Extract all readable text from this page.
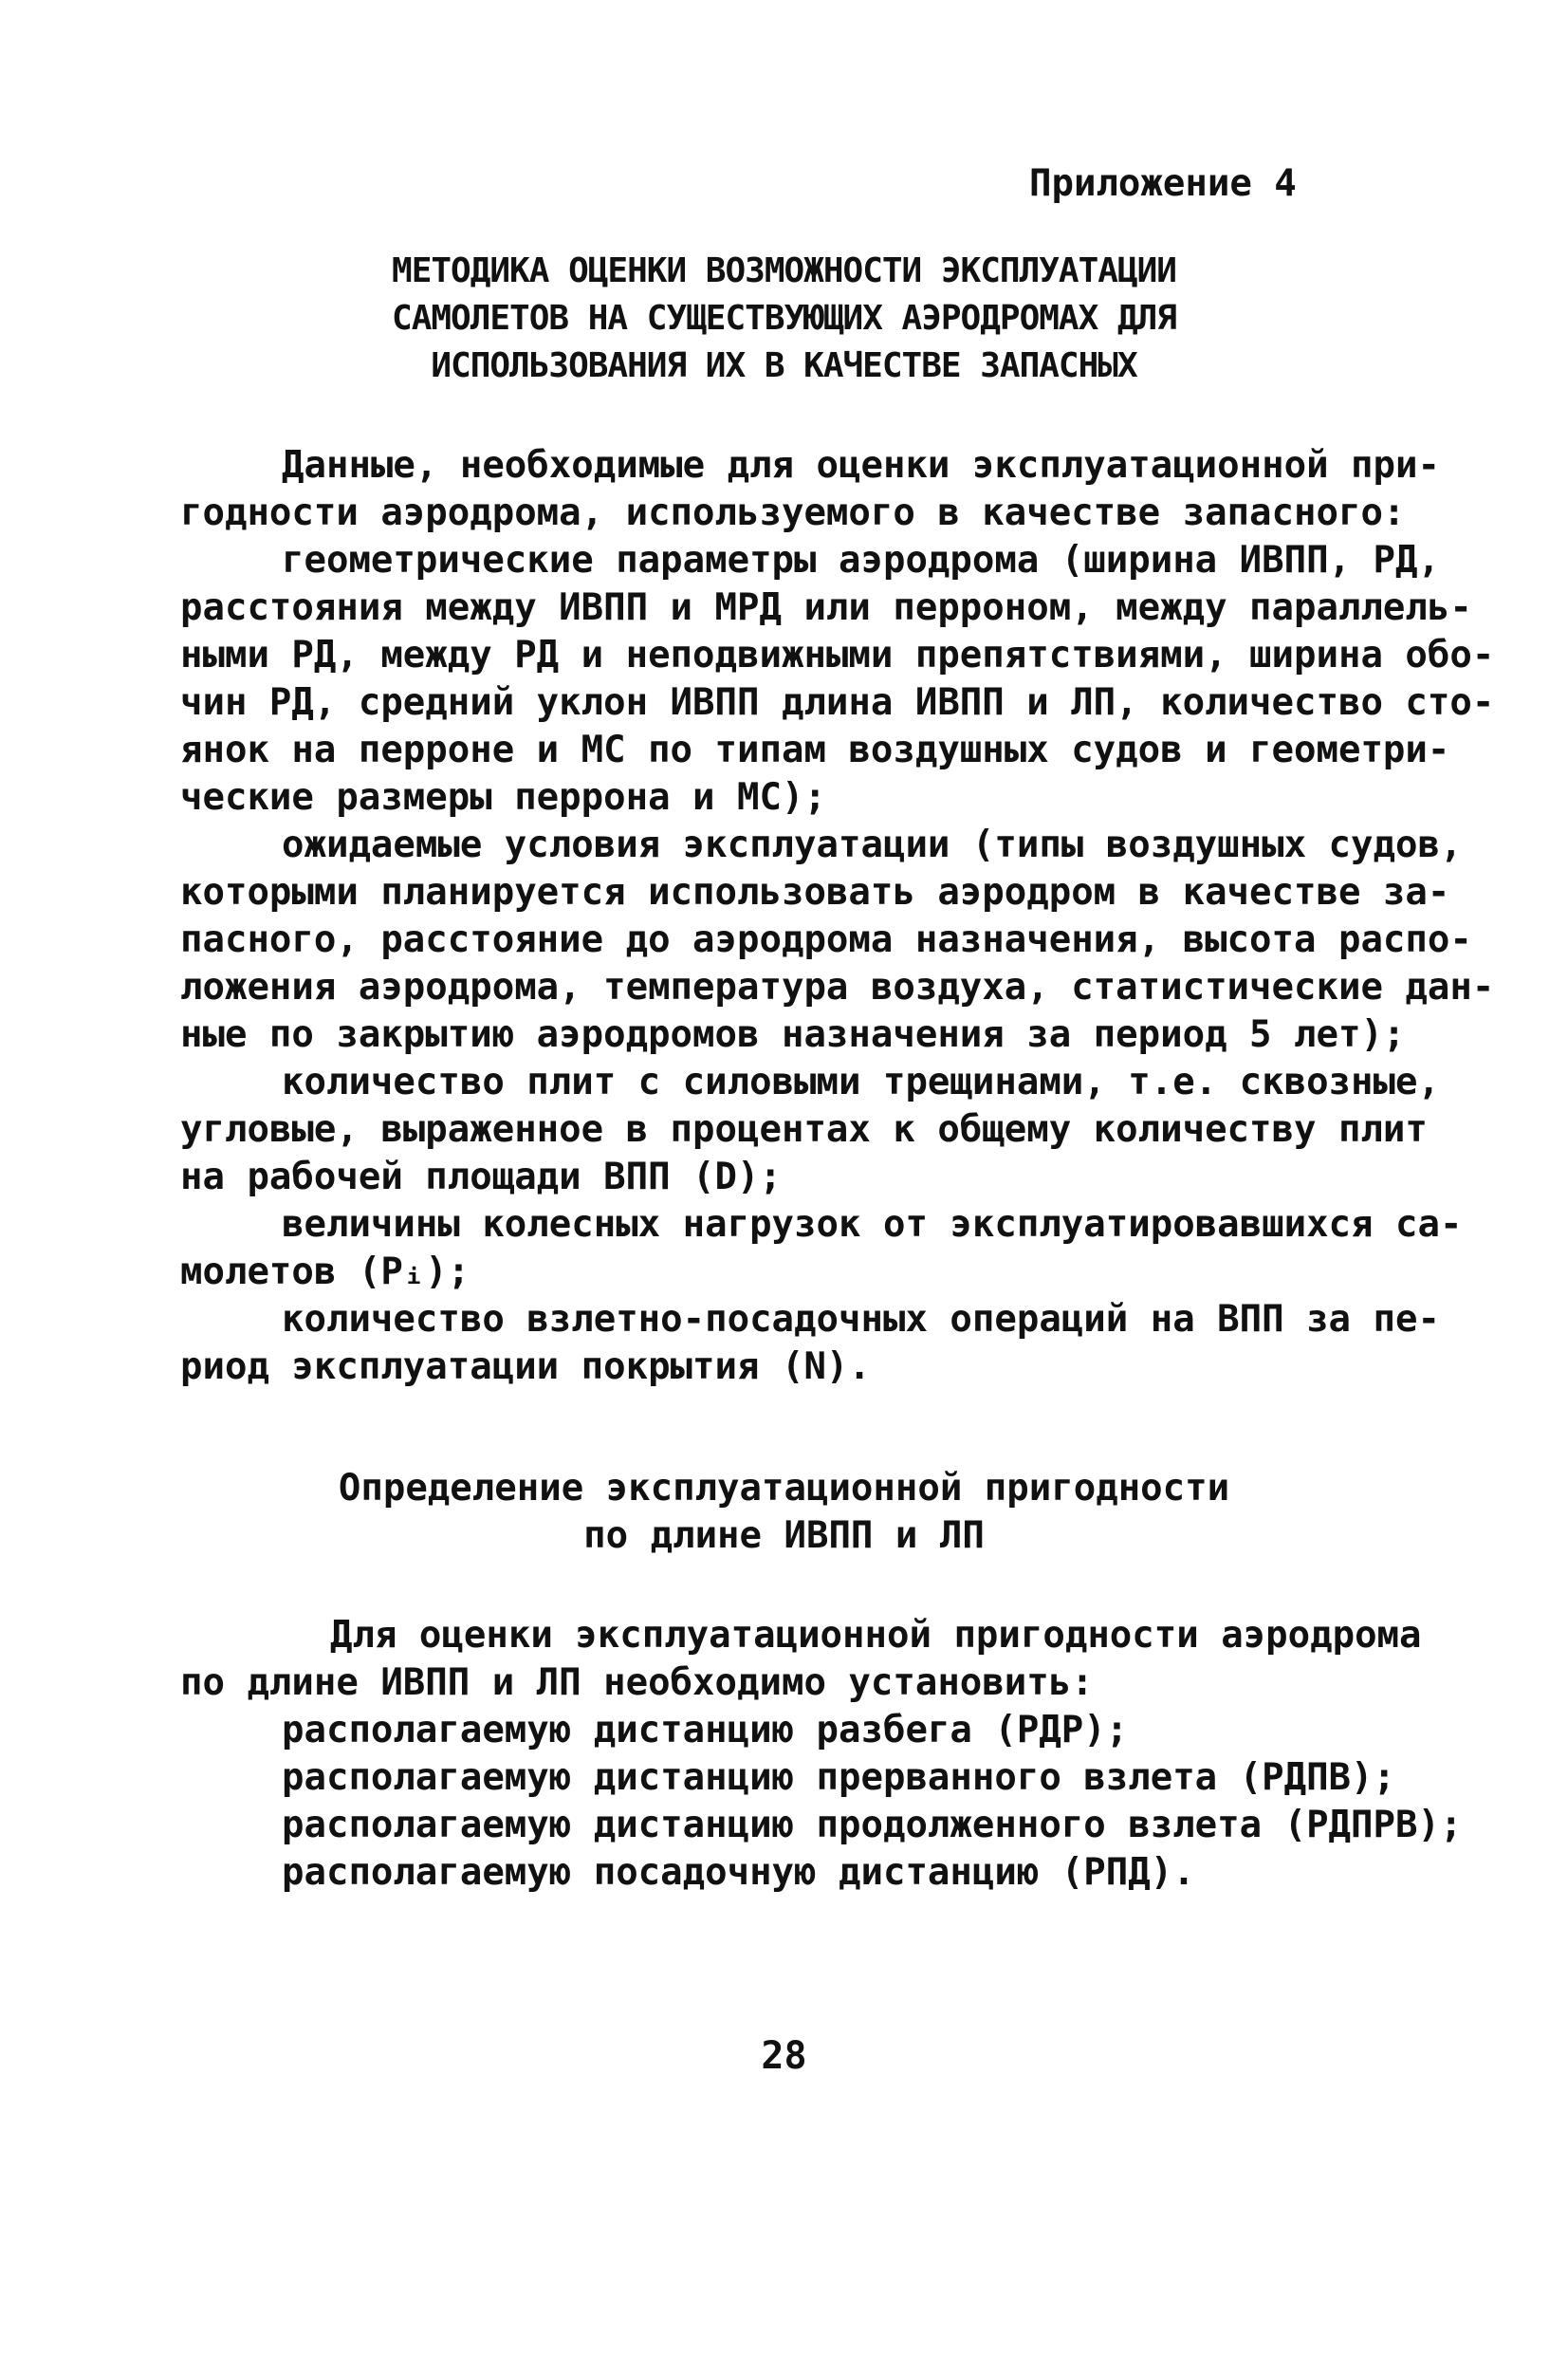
Приложение 4
МЕТОДИКА ОЦЕНКИ ВОЗМОЖНОСТИ ЭКСПЛУАТАЦИИ
САМОЛЕТОВ НА СУЩЕСТВУЮЩИХ АЭРОДРОМАХ ДЛЯ
ИСПОЛЬЗОВАНИЯ ИХ В КАЧЕСТВЕ ЗАПАСНЫХ
Данные, необходимые для оценки эксплуатационной при-
годности аэродрома, используемого в качестве запасного:
геометрические параметры аэродрома (ширина ИВПП, РД,
расстояния между ИВПП и МРД или перроном, между параллель-
ными РД, между РД и неподвижными препятствиями, ширина обо-
чин РД, средний уклон ИВПП длина ИВПП и ЛП, количество сто-
янок на перроне и МС по типам воздушных судов и геометри-
ческие размеры перрона и МС);
ожидаемые условия эксплуатации (типы воздушных судов,
которыми планируется использовать аэродром в качестве за-
пасного, расстояние до аэродрома назначения, высота распо-
ложения аэродрома, температура воздуха, статистические дан-
ные по закрытию аэродромов назначения за период 5 лет);
количество плит с силовыми трещинами, т.е. сквозные,
угловые, выраженное в процентах к общему количеству плит
на рабочей площади ВПП (D);
величины колесных нагрузок от эксплуатировавшихся са-
молетов (Pᵢ);
количество взлетно-посадочных операций на ВПП за пе-
риод эксплуатации покрытия (N).
Определение эксплуатационной пригодности
по длине ИВПП и ЛП
Для оценки эксплуатационной пригодности аэродрома
по длине ИВПП и ЛП необходимо установить:
располагаемую дистанцию разбега (РДР);
располагаемую дистанцию прерванного взлета (РДПВ);
располагаемую дистанцию продолженного взлета (РДПРВ);
располагаемую посадочную дистанцию (РПД).
28
